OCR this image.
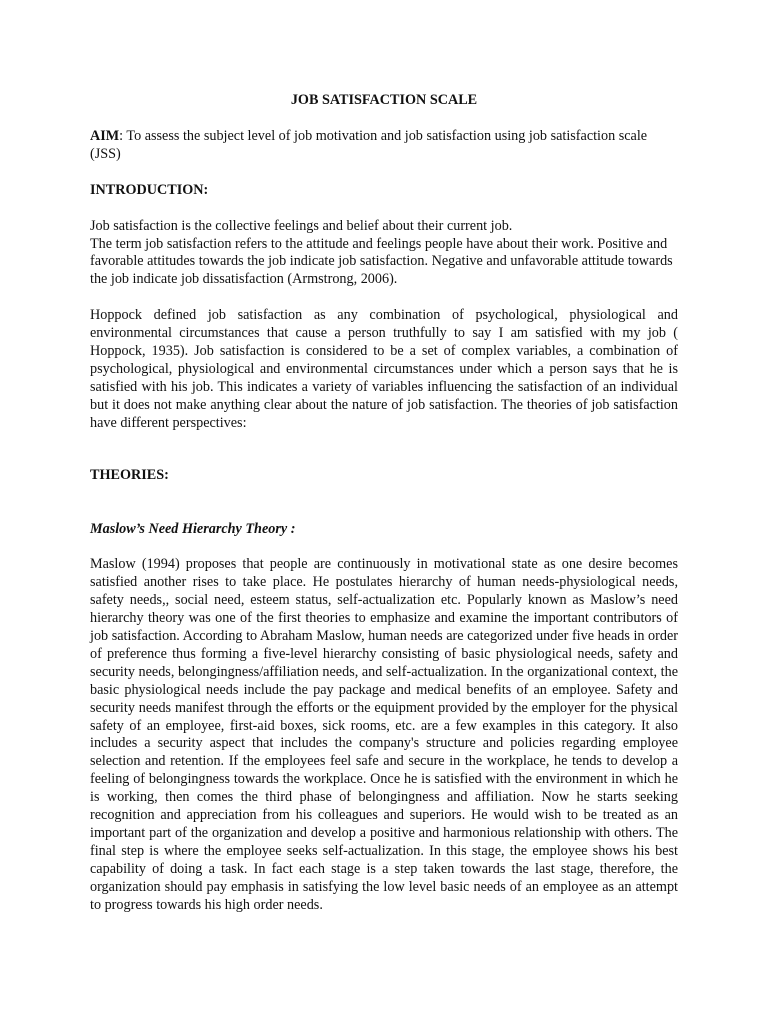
JOB SATISFACTION SCALE
AIM: To assess the subject level of job motivation and job satisfaction using job satisfaction scale (JSS)
INTRODUCTION:

Job satisfaction is the collective feelings and belief about their current job.

The term job satisfaction refers to the attitude and feelings people have about their work. Positive and favorable attitudes towards the job indicate job satisfaction. Negative and unfavorable attitude towards the job indicate job dissatisfaction (Armstrong, 2006).

Hoppock defined job satisfaction as any combination of psychological, physiological and environmental circumstances that cause a person truthfully to say I am satisfied with my job ( Hoppock, 1935). Job satisfaction is considered to be a set of complex variables, a combination of psychological, physiological and environmental circumstances under which a person says that he is satisfied with his job. This indicates a variety of variables influencing the satisfaction of an individual but it does not make anything clear about the nature of job satisfaction. The theories of job satisfaction have different perspectives:

THEORIES:
Maslow’s Need Hierarchy Theory :

Maslow (1994) proposes that people are continuously in motivational state as one desire becomes satisfied another rises to take place. He postulates hierarchy of human needs-physiological needs, safety needs,, social need, esteem status, self-actualization etc. Popularly known as Maslow’s need hierarchy theory was one of the first theories to emphasize and examine the important contributors of job satisfaction. According to Abraham Maslow, human needs are categorized under five heads in order of preference thus forming a five-level hierarchy consisting of basic physiological needs, safety and security needs, belongingness/affiliation needs, and self-actualization. In the organizational context, the basic physiological needs include the pay package and medical benefits of an employee. Safety and security needs manifest through the efforts or the equipment provided by the employer for the physical safety of an employee, first-aid boxes, sick rooms, etc. are a few examples in this category. It also includes a security aspect that includes the company's structure and policies regarding employee selection and retention. If the employees feel safe and secure in the workplace, he tends to develop a feeling of belongingness towards the workplace. Once he is satisfied with the environment in which he is working, then comes the third phase of belongingness and affiliation. Now he starts seeking recognition and appreciation from his colleagues and superiors. He would wish to be treated as an important part of the organization and develop a positive and harmonious relationship with others. The final step is where the employee seeks self-actualization. In this stage, the employee shows his best capability of doing a task. In fact each stage is a step taken towards the last stage, therefore, the organization should pay emphasis in satisfying the low level basic needs of an employee as an attempt to progress towards his high order needs.
